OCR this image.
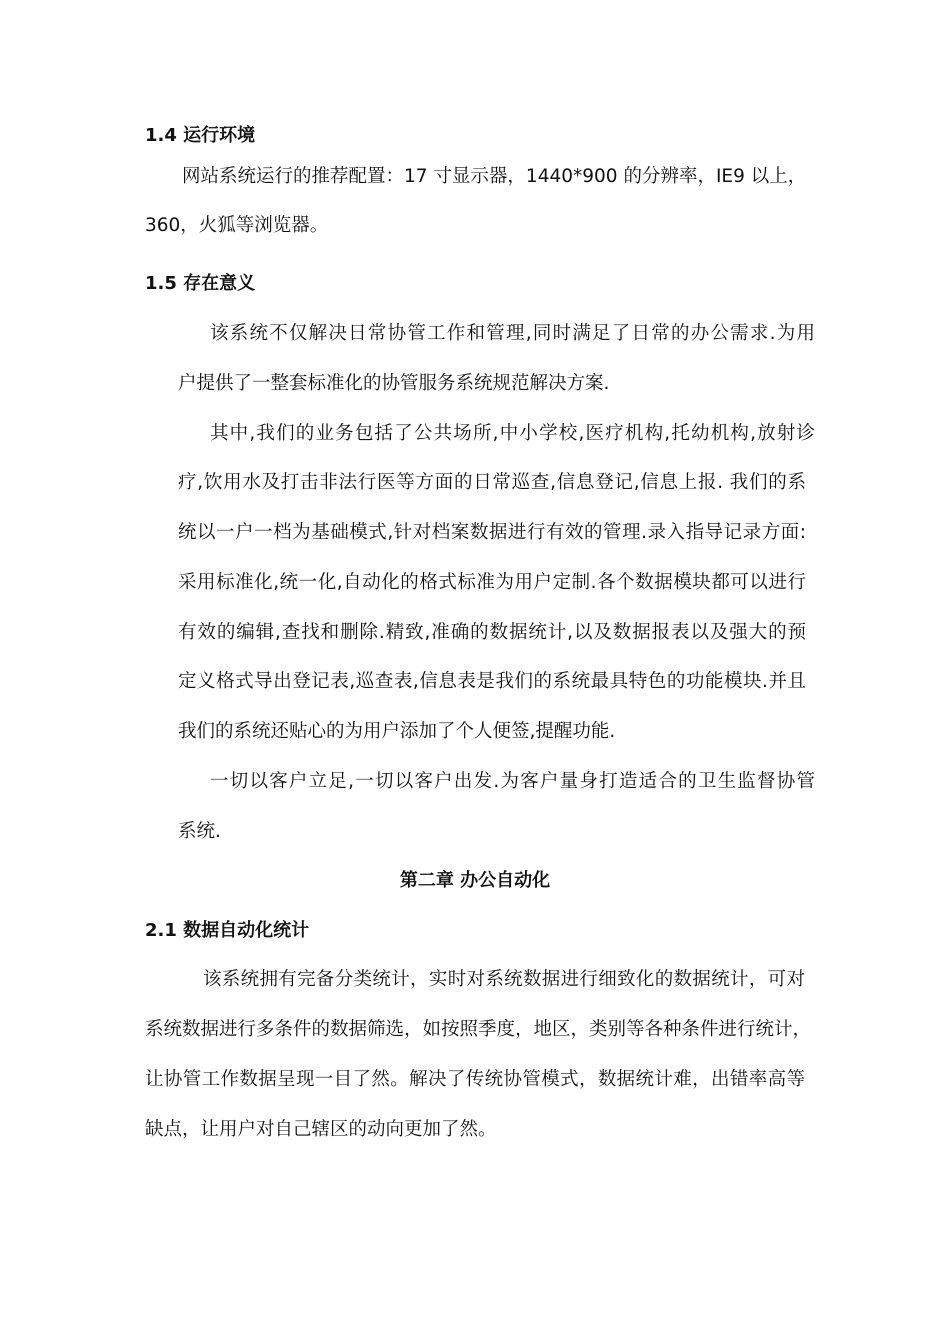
1.4 运行环境
网站系统运行的推荐配置：17 寸显示器，1440*900 的分辨率，IE9 以上，
360，火狐等浏览器。
1.5 存在意义
该系统不仅解决日常协管工作和管理,同时满足了日常的办公需求.为用
户提供了一整套标准化的协管服务系统规范解决方案.
其中,我们的业务包括了公共场所,中小学校,医疗机构,托幼机构,放射诊
疗,饮用水及打击非法行医等方面的日常巡查,信息登记,信息上报. 我们的系
统以一户一档为基础模式,针对档案数据进行有效的管理.录入指导记录方面:
采用标准化,统一化,自动化的格式标准为用户定制.各个数据模块都可以进行
有效的编辑,查找和删除.精致,准确的数据统计,以及数据报表以及强大的预
定义格式导出登记表,巡查表,信息表是我们的系统最具特色的功能模块.并且
我们的系统还贴心的为用户添加了个人便签,提醒功能.
一切以客户立足,一切以客户出发.为客户量身打造适合的卫生监督协管
系统.
第二章 办公自动化
2.1 数据自动化统计
该系统拥有完备分类统计，实时对系统数据进行细致化的数据统计，可对
系统数据进行多条件的数据筛选，如按照季度，地区，类别等各种条件进行统计，
让协管工作数据呈现一目了然。解决了传统协管模式，数据统计难，出错率高等
缺点，让用户对自己辖区的动向更加了然。
